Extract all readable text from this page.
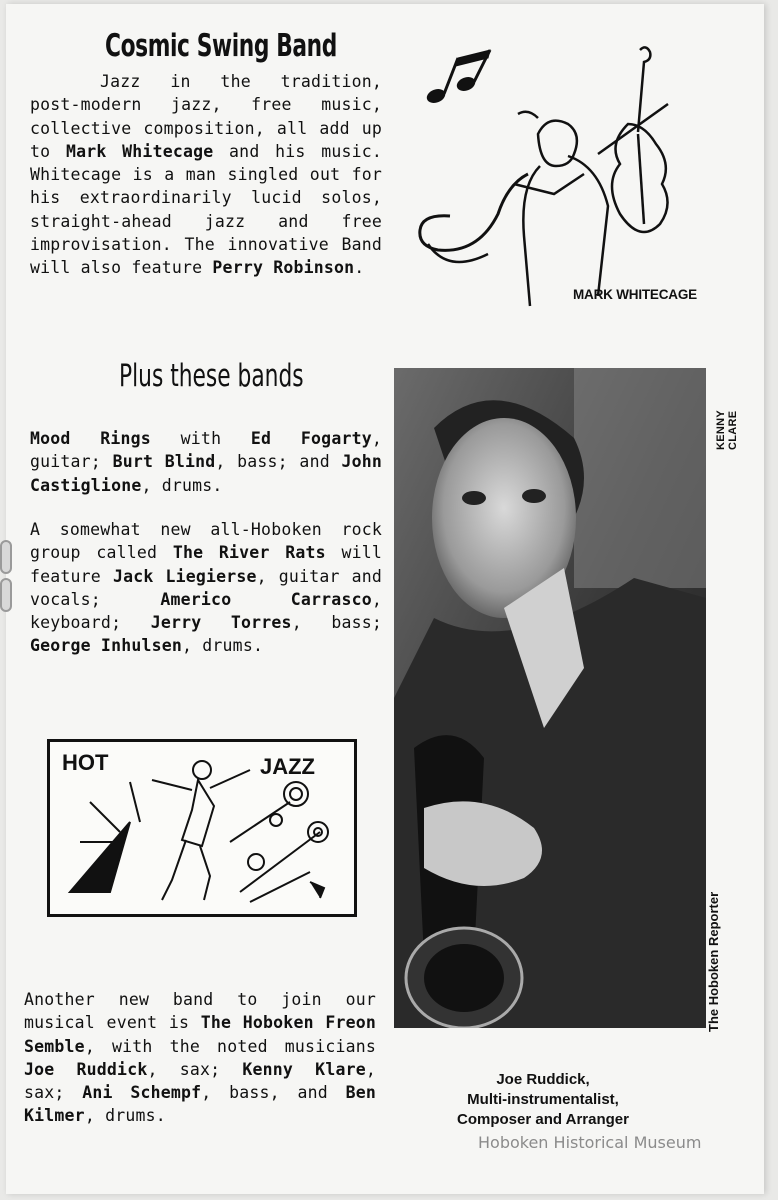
Cosmic Swing Band
Jazz in the tradition, post-modern jazz, free music, collective composition, all add up to Mark Whitecage and his music. Whitecage is a man singled out for his extraordinarily lucid solos, straight-ahead jazz and free improvisation. The innovative Band will also feature Perry Robinson.
MARK WHITECAGE
Plus these bands
Mood Rings with Ed Fogarty, guitar; Burt Blind, bass; and John Castiglione, drums.
A somewhat new all-Hoboken rock group called The River Rats will feature Jack Liegierse, guitar and vocals; Americo Carrasco, keyboard; Jerry Torres, bass; George Inhulsen, drums.
HOT	JAZZ
Another new band to join our musical event is The Hoboken Freon Semble, with the noted musicians Joe Ruddick, sax; Kenny Klare, sax; Ani Schempf, bass, and Ben Kilmer, drums.
KENNY CLARE
The Hoboken Reporter
Joe Ruddick,
Multi-instrumentalist,
Composer and Arranger
Hoboken Historical Museum
